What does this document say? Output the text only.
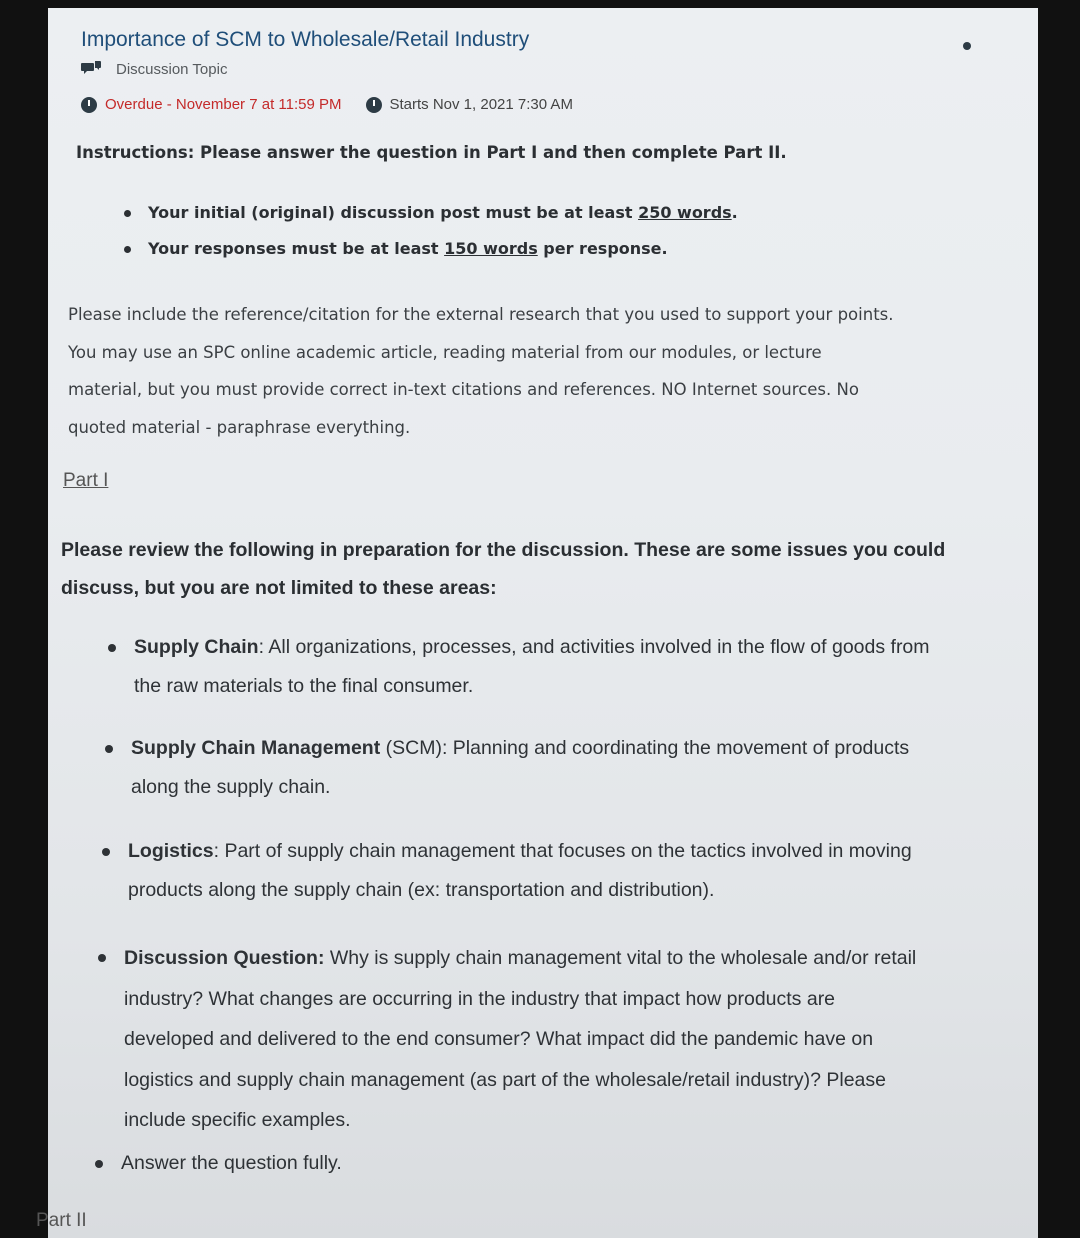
Importance of SCM to Wholesale/Retail Industry
Discussion Topic
Overdue - November 7 at 11:59 PM	Starts Nov 1, 2021 7:30 AM
Instructions: Please answer the question in Part I and then complete Part II.
Your initial (original) discussion post must be at least 250 words.
Your responses must be at least 150 words per response.

Please include the reference/citation for the external research that you used to support your points.
You may use an SPC online academic article, reading material from our modules, or lecture
material, but you must provide correct in-text citations and references. NO Internet sources. No
quoted material - paraphrase everything.

Part I

Please review the following in preparation for the discussion. These are some issues you could
discuss, but you are not limited to these areas:

Supply Chain: All organizations, processes, and activities involved in the flow of goods from
the raw materials to the final consumer.
Supply Chain Management (SCM): Planning and coordinating the movement of products
along the supply chain.
Logistics: Part of supply chain management that focuses on the tactics involved in moving
products along the supply chain (ex: transportation and distribution).
Discussion Question: Why is supply chain management vital to the wholesale and/or retail
industry? What changes are occurring in the industry that impact how products are
developed and delivered to the end consumer? What impact did the pandemic have on
logistics and supply chain management (as part of the wholesale/retail industry)? Please
include specific examples.
Answer the question fully.
Part II
